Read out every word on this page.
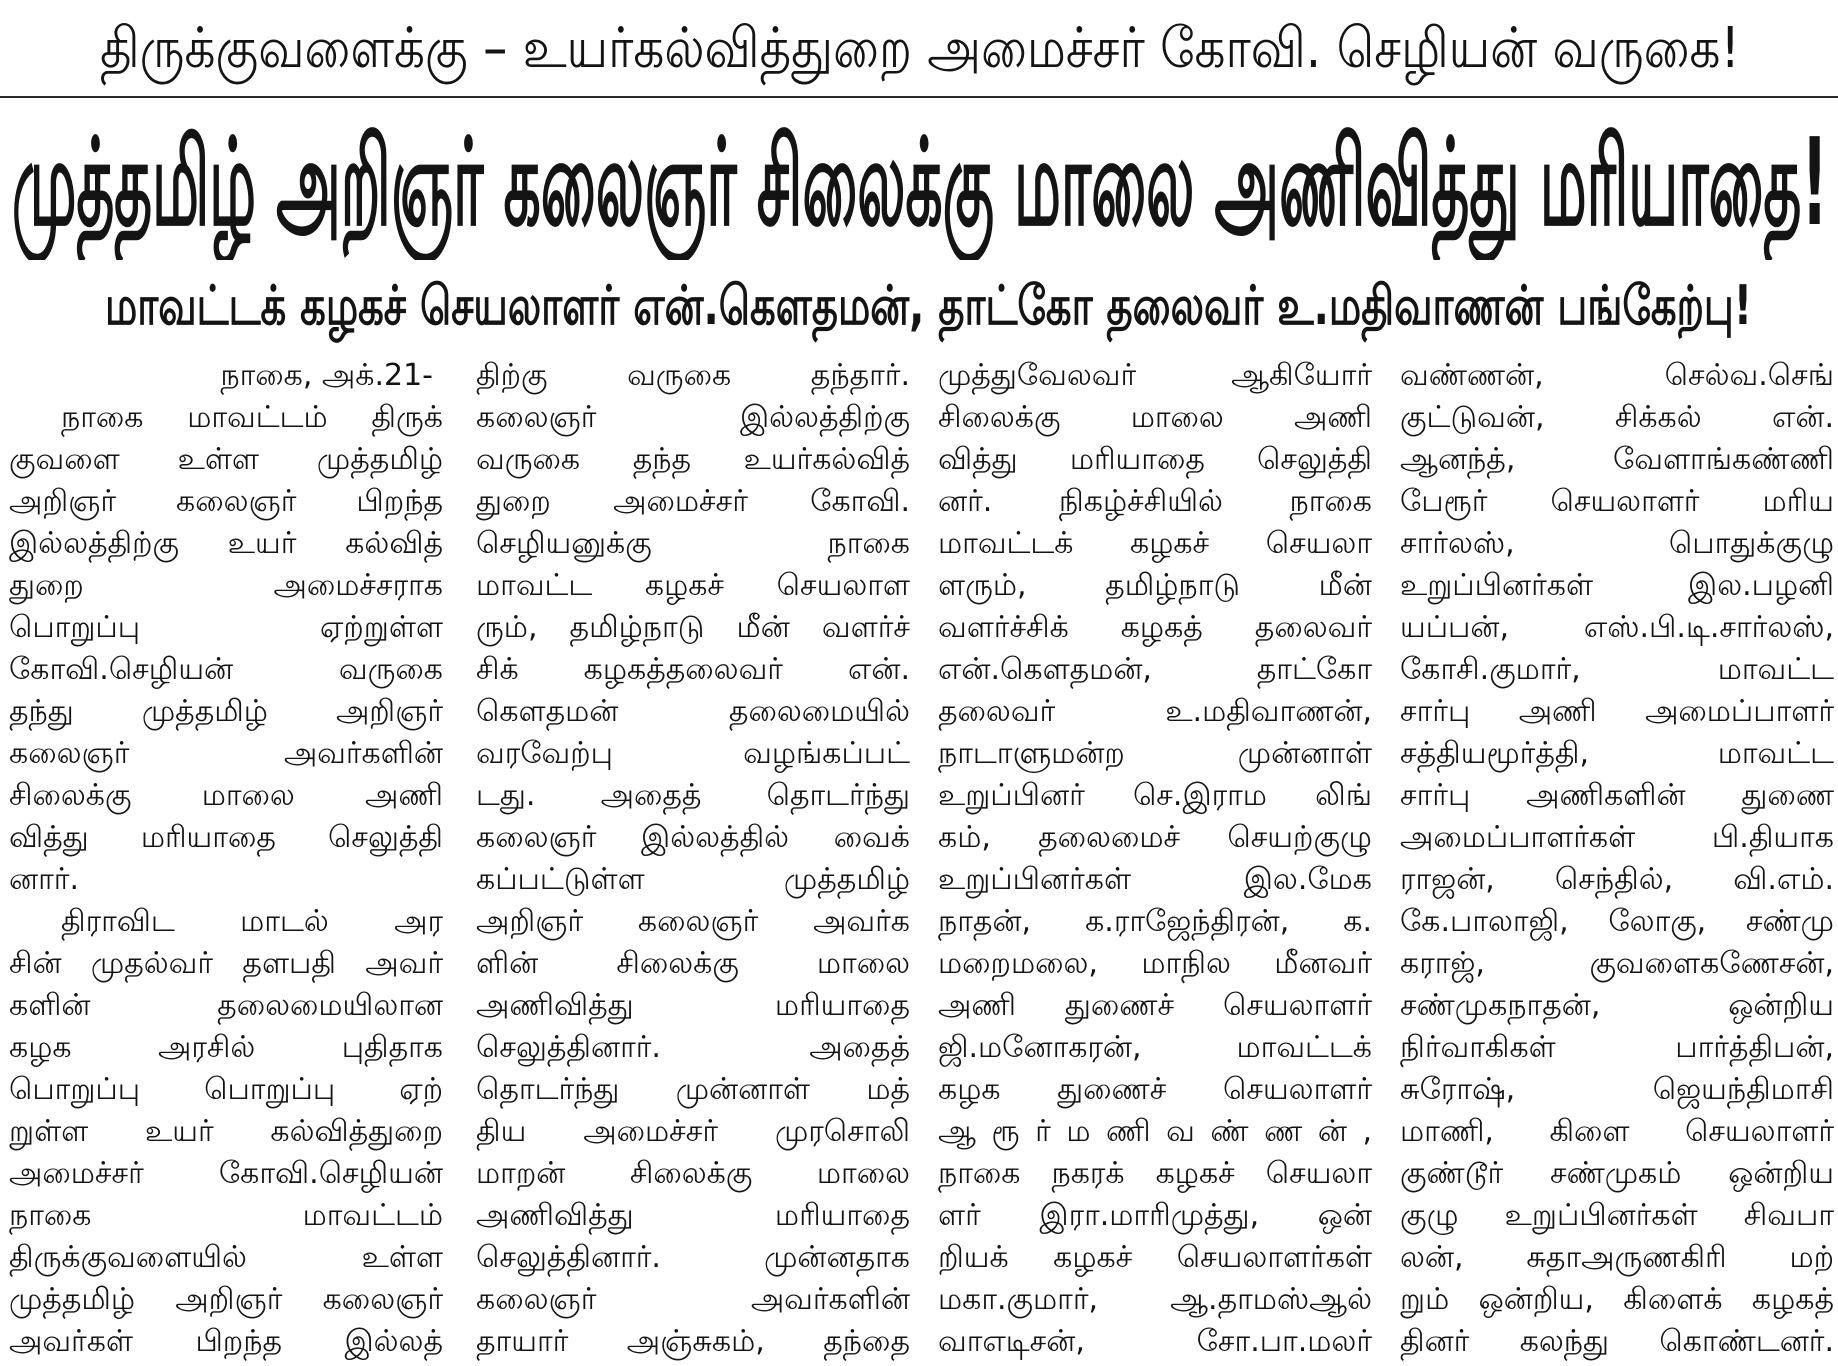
திருக்குவளைக்கு – உயர்கல்வித்துறை அமைச்சர் கோவி. செழியன் வருகை!
முத்தமிழ் அறிஞர் கலைஞர் சிலைக்கு மாலை அணிவித்து மரியாதை!
மாவட்டக் கழகச் செயலாளர் என்.கௌதமன், தாட்கோ தலைவர் உ.மதிவாணன் பங்கேற்பு!
நாகை, அக்.21-
நாகை மாவட்டம் திருக்
குவளை உள்ள முத்தமிழ்
அறிஞர் கலைஞர் பிறந்த
இல்லத்திற்கு உயர் கல்வித்
துறை அமைச்சராக
பொறுப்பு ஏற்றுள்ள
கோவி.செழியன் வருகை
தந்து முத்தமிழ் அறிஞர்
கலைஞர் அவர்களின்
சிலைக்கு மாலை அணி
வித்து மரியாதை செலுத்தி
னார்.
திராவிட மாடல் அர
சின் முதல்வர் தளபதி அவர்
களின் தலைமையிலான
கழக அரசில் புதிதாக
பொறுப்பு பொறுப்பு ஏற்
றுள்ள உயர் கல்வித்துறை
அமைச்சர் கோவி.செழியன்
நாகை மாவட்டம்
திருக்குவளையில் உள்ள
முத்தமிழ் அறிஞர் கலைஞர்
அவர்கள் பிறந்த இல்லத்
திற்கு வருகை தந்தார்.
கலைஞர் இல்லத்திற்கு
வருகை தந்த உயர்கல்வித்
துறை அமைச்சர் கோவி.
செழியனுக்கு நாகை
மாவட்ட கழகச் செயலாள
ரும், தமிழ்நாடு மீன் வளர்ச்
சிக் கழகத்தலைவர் என்.
கௌதமன் தலைமையில்
வரவேற்பு வழங்கப்பட்
டது. அதைத் தொடர்ந்து
கலைஞர் இல்லத்தில் வைக்
கப்பட்டுள்ள முத்தமிழ்
அறிஞர் கலைஞர் அவர்க
ளின் சிலைக்கு மாலை
அணிவித்து மரியாதை
செலுத்தினார். அதைத்
தொடர்ந்து முன்னாள் மத்
திய அமைச்சர் முரசொலி
மாறன் சிலைக்கு மாலை
அணிவித்து மரியாதை
செலுத்தினார். முன்னதாக
கலைஞர் அவர்களின்
தாயார் அஞ்சுகம், தந்தை
முத்துவேலவர் ஆகியோர்
சிலைக்கு மாலை அணி
வித்து மரியாதை செலுத்தி
னர். நிகழ்ச்சியில் நாகை
மாவட்டக் கழகச் செயலா
ளரும், தமிழ்நாடு மீன்
வளர்ச்சிக் கழகத் தலைவர்
என்.கௌதமன், தாட்கோ
தலைவர் உ.மதிவாணன்,
நாடாளுமன்ற முன்னாள்
உறுப்பினர் செ.இராம லிங்
கம், தலைமைச் செயற்குழு
உறுப்பினர்கள் இல.மேக
நாதன், க.ராஜேந்திரன், க.
மறைமலை, மாநில மீனவர்
அணி துணைச் செயலாளர்
ஜி.மனோகரன், மாவட்டக்
கழக துணைச் செயலாளர்
ஆ ரூ ர் ம ணி வ ண் ண ன் ,
நாகை நகரக் கழகச் செயலா
ளர் இரா.மாரிமுத்து, ஒன்
றியக் கழகச் செயலாளர்கள்
மகா.குமார், ஆ.தாமஸ்ஆல்
வாஎடிசன், சோ.பா.மலர்
வண்ணன், செல்வ.செங்
குட்டுவன், சிக்கல் என்.
ஆனந்த், வேளாங்கண்ணி
பேரூர் செயலாளர் மரிய
சார்லஸ், பொதுக்குழு
உறுப்பினர்கள் இல.பழனி
யப்பன், எஸ்.பி.டி.சார்லஸ்,
கோசி.குமார், மாவட்ட
சார்பு அணி அமைப்பாளர்
சத்தியமூர்த்தி, மாவட்ட
சார்பு அணிகளின் துணை
அமைப்பாளர்கள் பி.தியாக
ராஜன், செந்தில், வி.எம்.
கே.பாலாஜி, லோகு, சண்மு
கராஜ், குவளைகணேசன்,
சண்முகநாதன், ஒன்றிய
நிர்வாகிகள் பார்த்திபன்,
சுரோஷ், ஜெயந்திமாசி
மாணி, கிளை செயலாளர்
குண்டூர் சண்முகம் ஒன்றிய
குழு உறுப்பினர்கள் சிவபா
லன், சுதாஅருணகிரி மற்
றும் ஒன்றிய, கிளைக் கழகத்
தினர் கலந்து கொண்டனர்.
